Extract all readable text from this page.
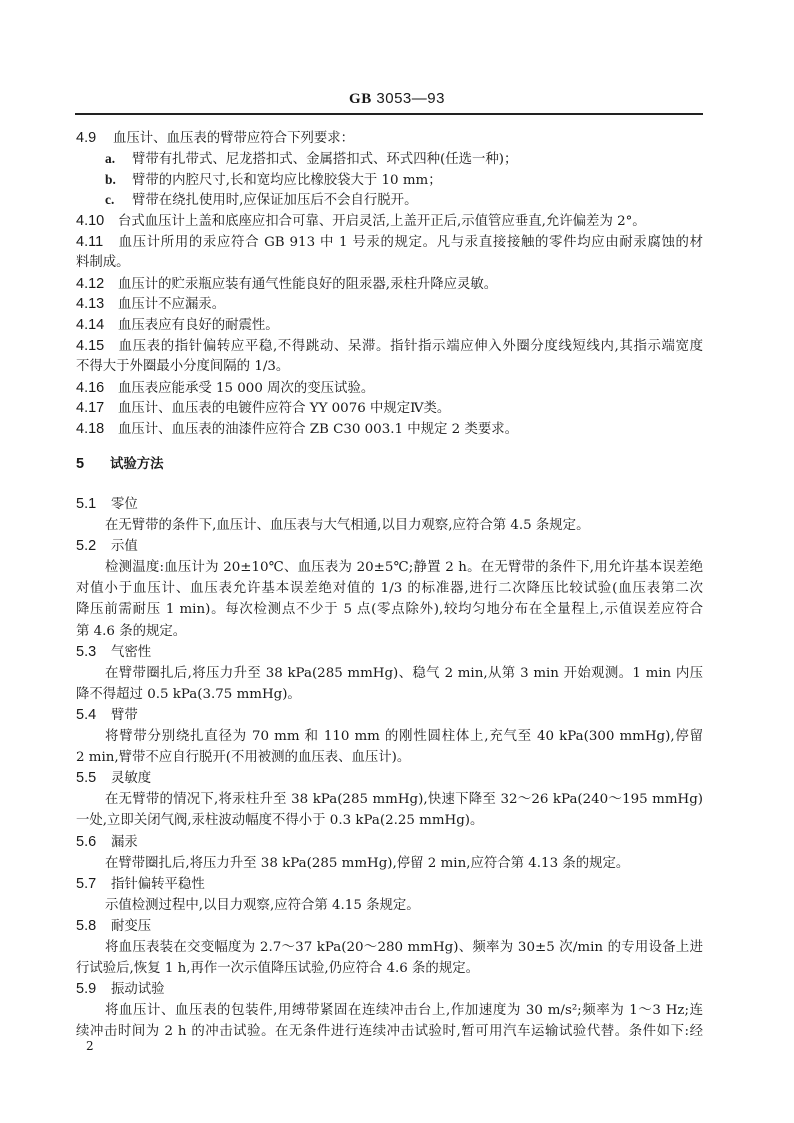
GB 3053—93
4.9 血压计、血压表的臂带应符合下列要求：
a. 臂带有扎带式、尼龙搭扣式、金属搭扣式、环式四种(任选一种)；
b. 臂带的内腔尺寸,长和宽均应比橡胶袋大于 10 mm；
c. 臂带在绕扎使用时,应保证加压后不会自行脱开。
4.10 台式血压计上盖和底座应扣合可靠、开启灵活,上盖开正后,示值管应垂直,允许偏差为 2°。
4.11 血压计所用的汞应符合 GB 913 中 1 号汞的规定。凡与汞直接接触的零件均应由耐汞腐蚀的材
料制成。
4.12 血压计的贮汞瓶应装有通气性能良好的阻汞器,汞柱升降应灵敏。
4.13 血压计不应漏汞。
4.14 血压表应有良好的耐震性。
4.15 血压表的指针偏转应平稳,不得跳动、呆滞。指针指示端应伸入外圈分度线短线内,其指示端宽度
不得大于外圈最小分度间隔的 1/3。
4.16 血压表应能承受 15 000 周次的变压试验。
4.17 血压计、血压表的电镀件应符合 YY 0076 中规定Ⅳ类。
4.18 血压计、血压表的油漆件应符合 ZB C30 003.1 中规定 2 类要求。
5 试验方法
5.1 零位
在无臂带的条件下,血压计、血压表与大气相通,以目力观察,应符合第 4.5 条规定。
5.2 示值
检测温度:血压计为 20±10℃、血压表为 20±5℃;静置 2 h。在无臂带的条件下,用允许基本误差绝
对值小于血压计、血压表允许基本误差绝对值的 1/3 的标准器,进行二次降压比较试验(血压表第二次
降压前需耐压 1 min)。每次检测点不少于 5 点(零点除外),较均匀地分布在全量程上,示值误差应符合
第 4.6 条的规定。
5.3 气密性
在臂带圈扎后,将压力升至 38 kPa(285 mmHg)、稳气 2 min,从第 3 min 开始观测。1 min 内压
降不得超过 0.5 kPa(3.75 mmHg)。
5.4 臂带
将臂带分别绕扎直径为 70 mm 和 110 mm 的刚性圆柱体上,充气至 40 kPa(300 mmHg),停留
2 min,臂带不应自行脱开(不用被测的血压表、血压计)。
5.5 灵敏度
在无臂带的情况下,将汞柱升至 38 kPa(285 mmHg),快速下降至 32～26 kPa(240～195 mmHg)
一处,立即关闭气阀,汞柱波动幅度不得小于 0.3 kPa(2.25 mmHg)。
5.6 漏汞
在臂带圈扎后,将压力升至 38 kPa(285 mmHg),停留 2 min,应符合第 4.13 条的规定。
5.7 指针偏转平稳性
示值检测过程中,以目力观察,应符合第 4.15 条规定。
5.8 耐变压
将血压表装在交变幅度为 2.7～37 kPa(20～280 mmHg)、频率为 30±5 次/min 的专用设备上进
行试验后,恢复 1 h,再作一次示值降压试验,仍应符合 4.6 条的规定。
5.9 振动试验
将血压计、血压表的包装件,用缚带紧固在连续冲击台上,作加速度为 30 m/s²;频率为 1～3 Hz;连
续冲击时间为 2 h 的冲击试验。在无条件进行连续冲击试验时,暂可用汽车运输试验代替。条件如下:经
2
